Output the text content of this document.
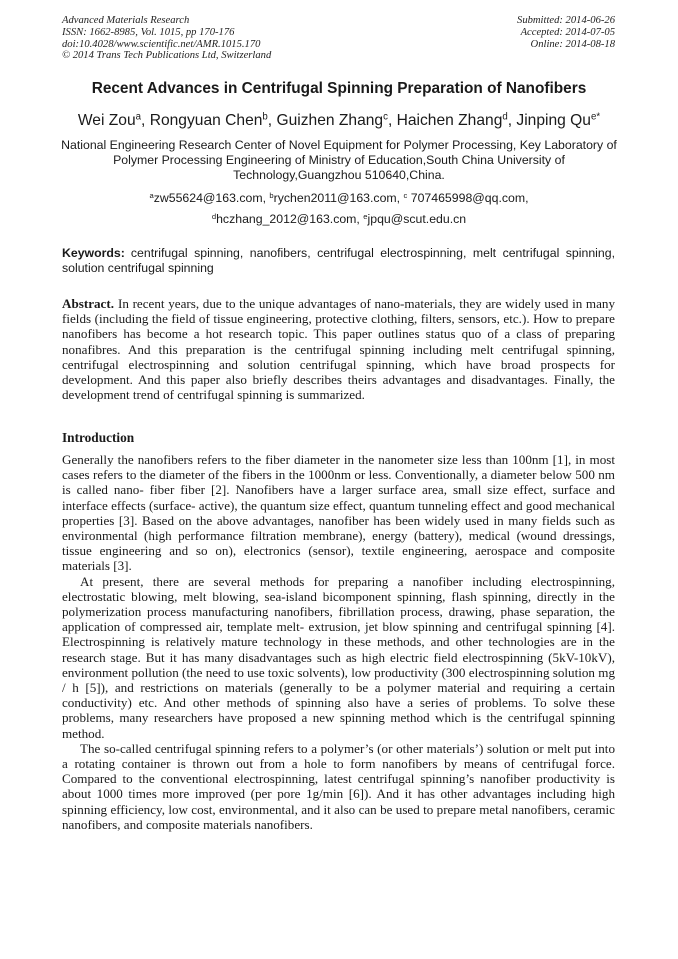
Advanced Materials Research
ISSN: 1662-8985, Vol. 1015, pp 170-176
doi:10.4028/www.scientific.net/AMR.1015.170
© 2014 Trans Tech Publications Ltd, Switzerland
Submitted: 2014-06-26
Accepted: 2014-07-05
Online: 2014-08-18
Recent Advances in Centrifugal Spinning Preparation of Nanofibers
Wei Zou$^a$, Rongyuan Chen$^b$, Guizhen Zhang$^c$, Haichen Zhang$^d$, Jinping $Qu^{e*}$
National Engineering Research Center of Novel Equipment for Polymer Processing, Key Laboratory of Polymer Processing Engineering of Ministry of Education,South China University of Technology,Guangzhou 510640,China.
$^a$zw55624@163.com, $^b$rychen2011@163.com, $^c$ 707465998@qq.com,
$^d$hczhang_2012@163.com, $^e$jpqu@scut.edu.cn
Keywords: centrifugal spinning, nanofibers, centrifugal electrospinning, melt centrifugal spinning, solution centrifugal spinning
Abstract. In recent years, due to the unique advantages of nano-materials, they are widely used in many fields (including the field of tissue engineering, protective clothing, filters, sensors, etc.). How to prepare nanofibers has become a hot research topic. This paper outlines status quo of a class of preparing nonafibres. And this preparation is the centrifugal spinning including melt centrifugal spinning, centrifugal electrospinning and solution centrifugal spinning, which have broad prospects for development. And this paper also briefly describes theirs advantages and disadvantages. Finally, the development trend of centrifugal spinning is summarized.
Introduction

Generally the nanofibers refers to the fiber diameter in the nanometer size less than 100nm [1], in most cases refers to the diameter of the fibers in the 1000nm or less. Conventionally, a diameter below 500 nm is called nano- fiber fiber [2]. Nanofibers have a larger surface area, small size effect, surface and interface effects (surface- active), the quantum size effect, quantum tunneling effect and good mechanical properties [3]. Based on the above advantages, nanofiber has been widely used in many fields such as environmental (high performance filtration membrane), energy (battery), medical (wound dressings, tissue engineering and so on), electronics (sensor), textile engineering, aerospace and composite materials [3].

At present, there are several methods for preparing a nanofiber including electrospinning, electrostatic blowing, melt blowing, sea-island bicomponent spinning, flash spinning, directly in the polymerization process manufacturing nanofibers, fibrillation process, drawing, phase separation, the application of compressed air, template melt- extrusion, jet blow spinning and centrifugal spinning [4]. Electrospinning is relatively mature technology in these methods, and other technologies are in the research stage. But it has many disadvantages such as high electric field electrospinning (5kV-10kV), environment pollution (the need to use toxic solvents), low productivity (300 electrospinning solution mg / h [5]), and restrictions on materials (generally to be a polymer material and requiring a certain conductivity) etc. And other methods of spinning also have a series of problems. To solve these problems, many researchers have proposed a new spinning method which is the centrifugal spinning method.

The so-called centrifugal spinning refers to a polymer’s (or other materials’) solution or melt put into a rotating container is thrown out from a hole to form nanofibers by means of centrifugal force. Compared to the conventional electrospinning, latest centrifugal spinning’s nanofiber productivity is about 1000 times more improved (per pore 1g/min [6]). And it has other advantages including high spinning efficiency, low cost, environmental, and it also can be used to prepare metal nanofibers, ceramic nanofibers, and composite materials nanofibers.
